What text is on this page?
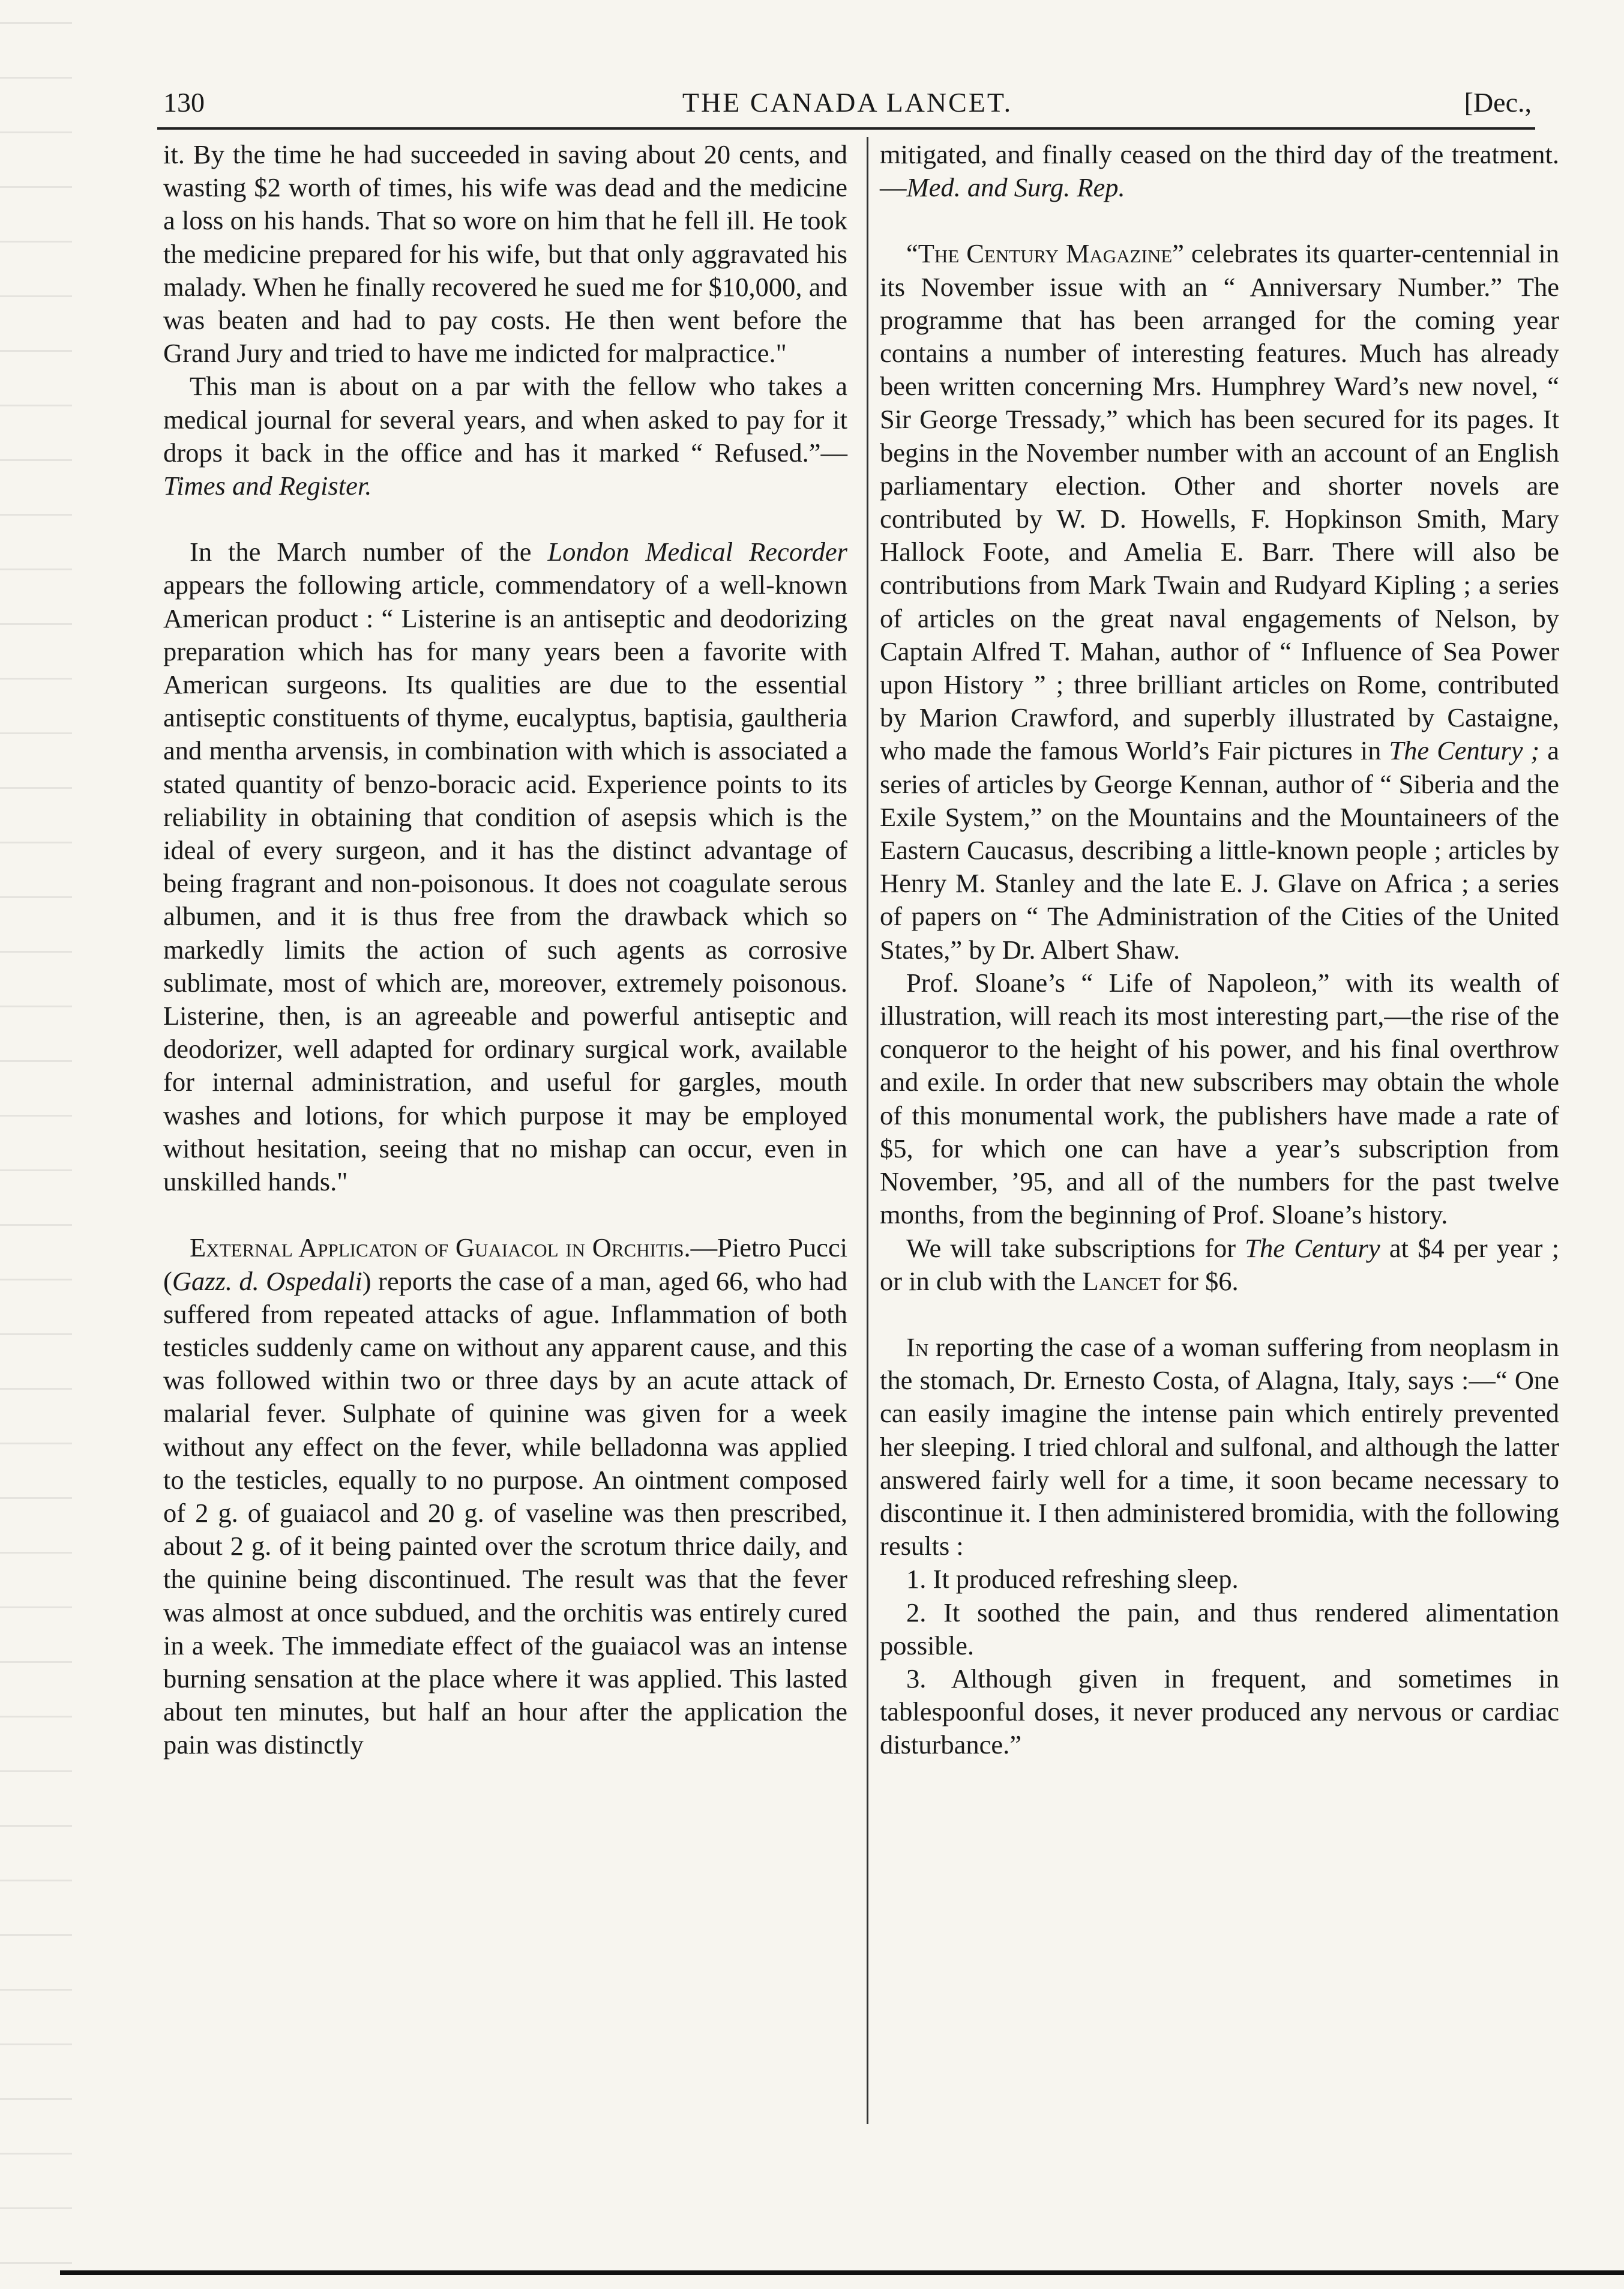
130	THE CANADA LANCET.	[Dec.,

it. By the time he had succeeded in saving about 20 cents, and wasting $2 worth of times, his wife was dead and the medicine a loss on his hands. That so wore on him that he fell ill. He took the medicine prepared for his wife, but that only aggravated his malady. When he finally recovered he sued me for $10,000, and was beaten and had to pay costs. He then went before the Grand Jury and tried to have me indicted for malpractice."

This man is about on a par with the fellow who takes a medical journal for several years, and when asked to pay for it drops it back in the office and has it marked “ Refused.”—Times and Register.

In the March number of the London Medical Recorder appears the following article, commendatory of a well-known American product : “ Listerine is an antiseptic and deodorizing preparation which has for many years been a favorite with American surgeons. Its qualities are due to the essential antiseptic constituents of thyme, eucalyptus, baptisia, gaultheria and mentha arvensis, in combination with which is associated a stated quantity of benzo-boracic acid. Experience points to its reliability in obtaining that condition of asepsis which is the ideal of every surgeon, and it has the distinct advantage of being fragrant and non-poisonous. It does not coagulate serous albumen, and it is thus free from the drawback which so markedly limits the action of such agents as corrosive sublimate, most of which are, moreover, extremely poisonous. Listerine, then, is an agreeable and powerful antiseptic and deodorizer, well adapted for ordinary surgical work, available for internal administration, and useful for gargles, mouth washes and lotions, for which purpose it may be employed without hesitation, seeing that no mishap can occur, even in unskilled hands."

External Applicaton of Guaiacol in Orchitis.—Pietro Pucci (Gazz. d. Ospedali) reports the case of a man, aged 66, who had suffered from repeated attacks of ague. Inflammation of both testicles suddenly came on without any apparent cause, and this was followed within two or three days by an acute attack of malarial fever. Sulphate of quinine was given for a week without any effect on the fever, while belladonna was applied to the testicles, equally to no purpose. An ointment composed of 2 g. of guaiacol and 20 g. of vaseline was then prescribed, about 2 g. of it being painted over the scrotum thrice daily, and the quinine being discontinued. The result was that the fever was almost at once subdued, and the orchitis was entirely cured in a week. The immediate effect of the guaiacol was an intense burning sensation at the place where it was applied. This lasted about ten minutes, but half an hour after the application the pain was distinctly

mitigated, and finally ceased on the third day of the treatment.—Med. and Surg. Rep.

“The Century Magazine” celebrates its quarter-centennial in its November issue with an “ Anniversary Number.” The programme that has been arranged for the coming year contains a number of interesting features. Much has already been written concerning Mrs. Humphrey Ward’s new novel, “ Sir George Tressady,” which has been secured for its pages. It begins in the November number with an account of an English parliamentary election. Other and shorter novels are contributed by W. D. Howells, F. Hopkinson Smith, Mary Hallock Foote, and Amelia E. Barr. There will also be contributions from Mark Twain and Rudyard Kipling ; a series of articles on the great naval engagements of Nelson, by Captain Alfred T. Mahan, author of “ Influence of Sea Power upon History ” ; three brilliant articles on Rome, contributed by Marion Crawford, and superbly illustrated by Castaigne, who made the famous World’s Fair pictures in The Century ; a series of articles by George Kennan, author of “ Siberia and the Exile System,” on the Mountains and the Mountaineers of the Eastern Caucasus, describing a little-known people ; articles by Henry M. Stanley and the late E. J. Glave on Africa ; a series of papers on “ The Administration of the Cities of the United States,” by Dr. Albert Shaw.

Prof. Sloane’s “ Life of Napoleon,” with its wealth of illustration, will reach its most interesting part,—the rise of the conqueror to the height of his power, and his final overthrow and exile. In order that new subscribers may obtain the whole of this monumental work, the publishers have made a rate of $5, for which one can have a year’s subscription from November, ’95, and all of the numbers for the past twelve months, from the beginning of Prof. Sloane’s history.

We will take subscriptions for The Century at $4 per year ; or in club with the Lancet for $6.

In reporting the case of a woman suffering from neoplasm in the stomach, Dr. Ernesto Costa, of Alagna, Italy, says :—“ One can easily imagine the intense pain which entirely prevented her sleeping. I tried chloral and sulfonal, and although the latter answered fairly well for a time, it soon became necessary to discontinue it. I then administered bromidia, with the following results :

1. It produced refreshing sleep.

2. It soothed the pain, and thus rendered alimentation possible.

3. Although given in frequent, and sometimes in tablespoonful doses, it never produced any nervous or cardiac disturbance.”
